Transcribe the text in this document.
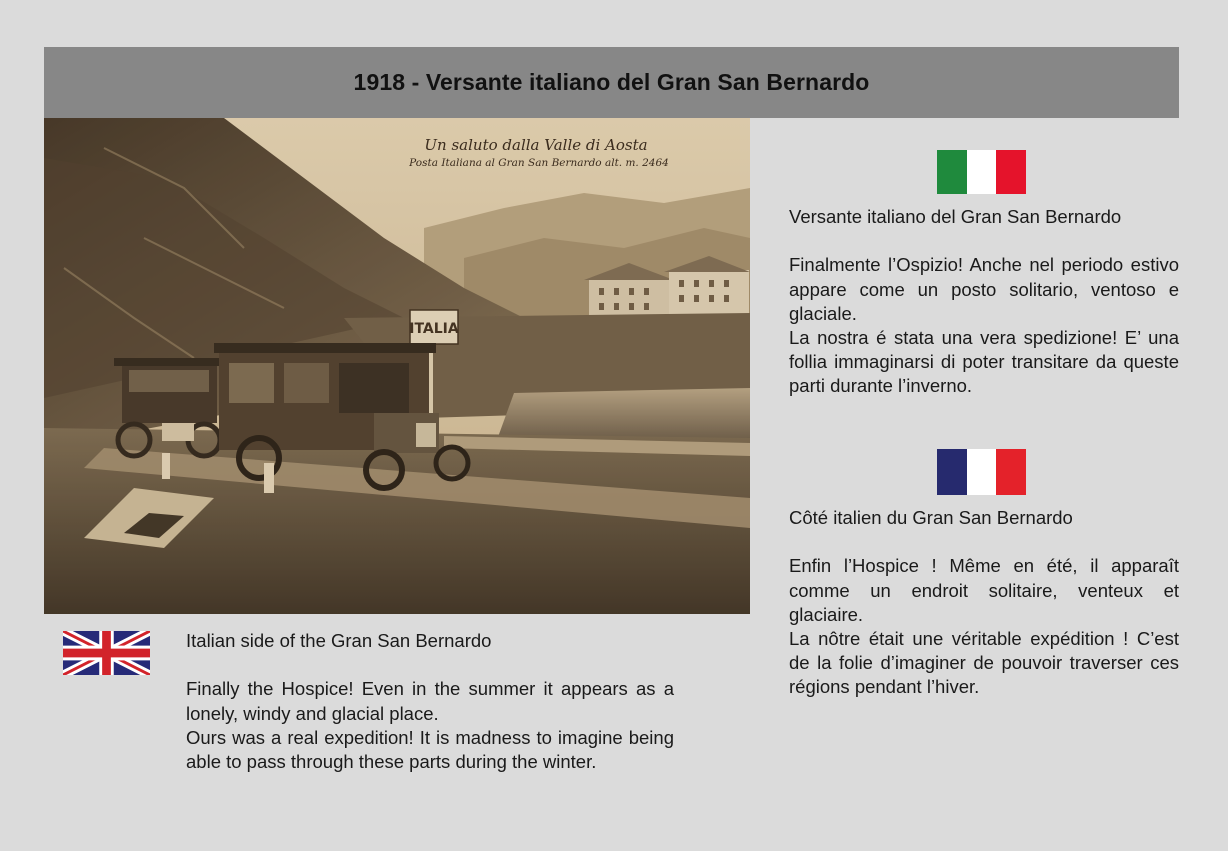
1918 - Versante italiano del Gran San Bernardo
ITALIA
Un saluto dalla Valle di Aosta
Posta Italiana al Gran San Bernardo alt. m. 2464

Italian side of the Gran San Bernardo

Finally the Hospice! Even in the summer it appears as a lonely, windy and glacial place.

Ours was a real expedition! It is madness to imagine being able to pass through these parts during the winter.

Versante italiano del Gran San Bernardo

Finalmente l’Ospizio! Anche nel periodo estivo appare come un posto solitario, ventoso e glaciale.

La nostra é stata una vera spedizione! E’ una follia immaginarsi di poter transitare da queste parti durante l’inverno.

Côté italien du Gran San Bernardo

Enfin l’Hospice ! Même en été, il apparaît comme un endroit solitaire, venteux et glaciaire.

La nôtre était une véritable expédition ! C’est de la folie d’imaginer de pouvoir traverser ces régions pendant l’hiver.
